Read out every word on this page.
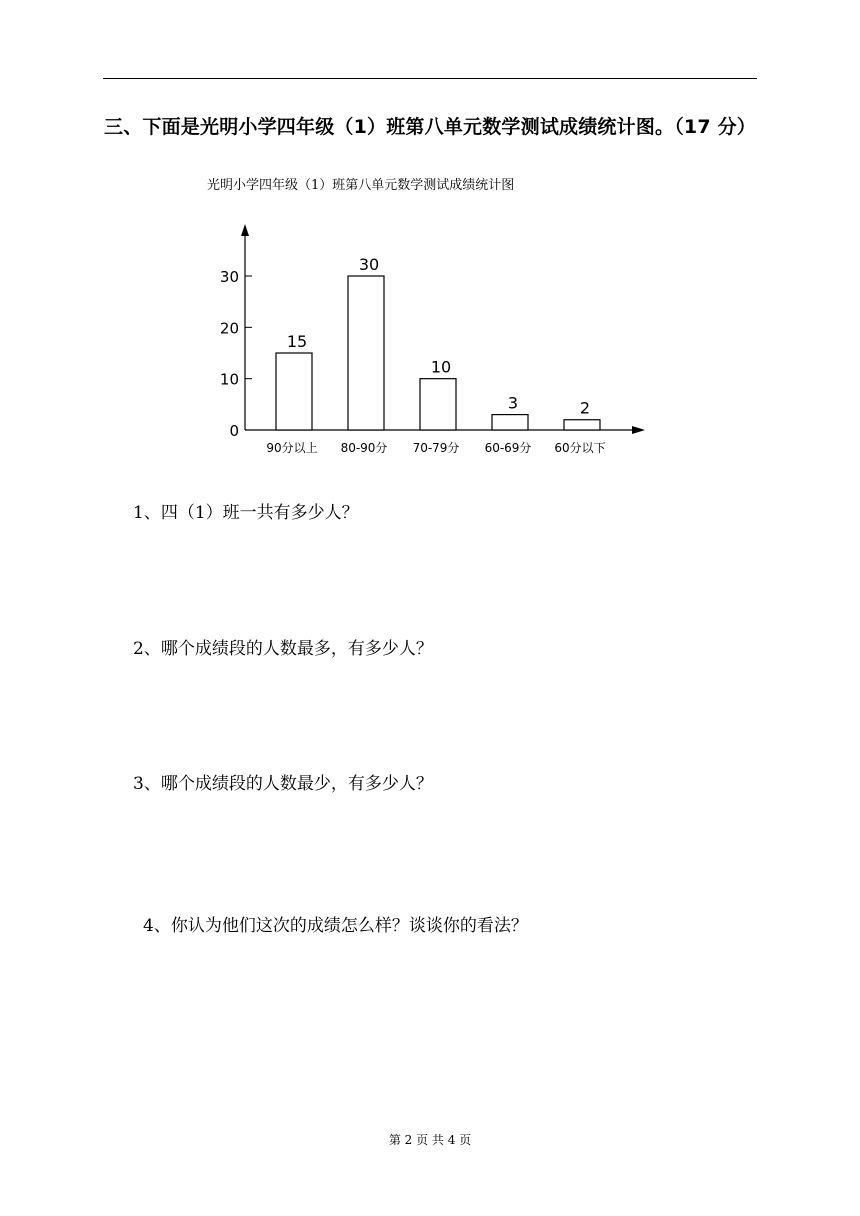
三、下面是光明小学四年级（1）班第八单元数学测试成绩统计图。（17 分）
光明小学四年级（1）班第八单元数学测试成绩统计图
0
10
20
30
15
30
10
3	2
90分以上 80-90分 70-79分 60-69分 60分以下
1、四（1）班一共有多少人？
2、哪个成绩段的人数最多，有多少人？
3、哪个成绩段的人数最少，有多少人？
4、你认为他们这次的成绩怎么样？谈谈你的看法？
第 2 页 共 4 页
